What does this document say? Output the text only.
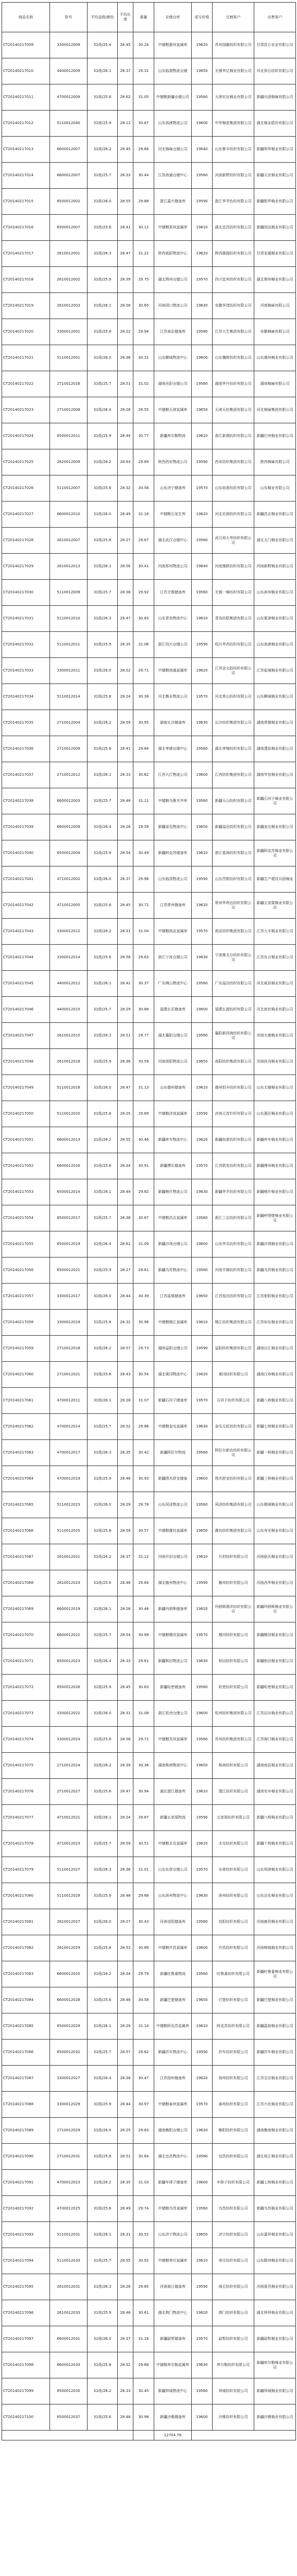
商品名称	批号	平均品级/颜色	平均长度	重量	存储仓库	成交价格	交割客户	出售客户
CT20140217009	3300012009	31级/25.4	28.45	30.24	中储粮惠州直属库	19620	苏州国融纺织有限公司	甘肃昆仑农业有限公司
CT20140217010	4400012009	31级/26.1	28.37	29.31	山东临港物流仓储	19650	无锡华亿棉业有限公司	河北邢台纺织有限公司
CT20140217011	4700012009	31级/25.8	28.62	31.05	中储粮新疆仓储公司	19580	天津宏达棉业有限公司	新疆兵团棉麻有限公司
CT20140217012	5110012040	31级/25.9	28.12	30.87	山东高唐物流公司	19600	中华棉花集团有限公司	湖北棉业股份有限公司
CT20140217013	6600012007	31级/26.2	28.45	29.66	河北棉麻仓储公司	19640	山东鲁丰纺织有限公司	新疆利华棉业有限公司
CT20140217014	6600012007	31级/25.7	28.33	30.44	江苏南通仓储中心	19560	河南新野纺织有限公司	新疆天宏棉业有限公司
CT20140217015	6500012002	31级/26.0	28.55	29.88	浙江嘉兴储备库	19590	浙江华孚色纺有限公司	新疆银华棉业有限公司
CT20140217016	6500012007	31级/25.6	28.41	30.12	中储粮郑州直属库	19610	湖北宜昌纺织有限公司	新疆创洁棉业有限公司
CT20140217017	2610012001	31级/26.3	28.47	31.22	陕西咸阳物流中心	19620	陕西德源纺织有限公司	甘肃亚盛棉业有限公司
CT20140217018	2610012002	31级/25.9	28.39	29.75	湖北荆州仓储公司	19570	四川宜宾纺织有限公司	湖北荆州棉业有限公司
CT20140217019	2610012003	31级/26.1	28.58	30.65	河南周口物流公司	19630	安徽华茂纺织有限公司	河南棉麻有限公司
CT20140217020	3300012001	31级/25.8	28.22	29.94	江苏南京储备库	19580	江苏大生集团有限公司	安徽棉麻有限公司
CT20140217021	5110012001	31级/26.0	28.36	30.31	山东聊城物流中心	19600	山东魏桥纺织有限公司	山东德州棉业有限公司
CT20140217022	2710012016	31级/25.7	28.51	31.02	湖南岳阳仓储公司	19560	湖南华升纺织有限公司	湖南棉麻有限公司
CT20140217023	2710012008	31级/26.4	28.28	29.55	中储粮天津直属库	19650	天津天纺集团有限公司	河北棉麻集团有限公司
CT20140217024	6500012011	31级/25.9	28.44	30.77	新疆库尔勒物流	19610	浙江新澳纺织有限公司	新疆巴州棉业有限公司
CT20140217025	2620012009	31级/26.2	28.63	29.89	陕西西安物流公司	19590	西安纺织集团有限公司	陕西棉麻有限公司
CT20140217026	5110012007	31级/25.6	28.32	30.56	山东济宁储备库	19570	山东如意纺织有限公司	山东棉业有限公司
CT20140217027	6600012010	31级/26.0	28.49	31.18	中储粮石家庄库	19620	河北宏润纺织有限公司	新疆昌吉棉业有限公司
CT20140217028	2610012007	31级/25.8	28.27	29.67	湖北武汉仓储中心	19580	武汉裕大华纺织有限公司	湖北天门棉业有限公司
CT20140217029	2610012013	31级/26.1	28.56	30.41	河南郑州物流公司	19640	河南豫联纺织有限公司	河南新野棉业有限公司
CT20140217030	5110012009	31级/25.7	28.38	29.92	江苏无锡储备库	19560	无锡一棉纺织有限公司	山东滨州棉业有限公司
CT20140217031	5110012010	31级/26.3	28.47	30.83	山东青岛物流中心	19610	青岛纺联集团有限公司	山东夏津棉业有限公司
CT20140217032	5110012011	31级/25.9	28.35	31.06	浙江绍兴仓储公司	19590	绍兴华西纺织有限公司	山东高唐棉业有限公司
CT20140217033	3300012011	31级/26.0	28.52	29.71	中储粮南通直属库	19620	江苏金太阳纺织有限公司	江苏盐城棉业有限公司
CT20140217034	5110012014	31级/25.8	28.24	30.38	河北衡水物流公司	19570	河北常山纺织有限公司	山东聊城棉业有限公司
CT20140217035	2710012004	31级/26.2	28.59	30.95	湖南长沙储备库	19630	长沙纺织集团有限公司	湖南常德棉业有限公司
CT20140217036	2710012009	31级/25.6	28.41	29.84	湖北孝感仓储中心	19580	湖北孝棉纺织有限公司	湖南澧县棉业有限公司
CT20140217037	2710012012	31级/26.1	28.33	30.62	江西九江物流公司	19600	江西纺织集团有限公司	湖南华容棉业有限公司
CT20140217038	6600012003	31级/25.7	28.48	31.11	中储粮乌鲁木齐库	19560	新疆天山纺织有限公司	新疆石河子棉业有限公司
CT20140217039	6600012009	31级/26.4	28.26	29.58	新疆奎屯物流中心	19650	新疆溢达纺织有限公司	新疆奎屯棉业有限公司
CT20140217040	6500012004	31级/25.9	28.54	30.49	新疆阿克苏储备库	19610	浙江富润纺织有限公司	新疆阿克苏棉业有限公司
CT20140217041	4710012002	31级/26.0	28.37	29.96	山东临清物流公司	19590	山东岱银纺织有限公司	新疆生产建设兵团棉业
CT20140217042	4710012005	31级/25.8	28.45	30.72	江苏常州储备库	19620	常州华利达纺织有限公司	新疆五家渠棉业有限公司
CT20140217043	3300012012	31级/26.2	28.31	31.04	中储粮南京直属库	19570	南京纺织集团有限公司	江苏大丰棉业有限公司
CT20140217044	3300012014	31级/25.6	28.58	29.63	浙江宁波仓储公司	19630	宁波雅戈尔纺织有限公司	江苏东台棉业有限公司
CT20140217045	4400012012	31级/26.1	28.42	30.37	广东佛山物流中心	19580	广东溢达纺织有限公司	河北威县棉业有限公司
CT20140217046	4400012015	31级/25.7	28.29	30.88	福建长乐储备库	19600	福建长源纺织有限公司	河北南宫棉业有限公司
CT20140217047	2610012015	31级/26.3	28.51	29.77	湖北襄阳仓储公司	19560	襄阳新四海纺织有限公司	河南太康棉业有限公司
CT20140217048	2610012018	31级/25.9	28.36	30.59	河南南阳物流公司	19650	南阳纺织集团有限公司	河南扶沟棉业有限公司
CT20140217049	5110012018	31级/26.0	28.47	31.13	山东德州储备库	19610	德州恒丰纺织有限公司	山东无棣棉业有限公司
CT20140217050	5110012020	31级/25.8	28.25	29.69	中储粮济南直属库	19590	济南元首针织有限公司	山东惠民棉业有限公司
CT20140217051	6600012013	31级/26.2	28.55	30.46	新疆库车物流中心	19620	新疆如意纺织有限公司	新疆库车棉业有限公司
CT20140217052	6600012016	31级/25.6	28.34	30.91	新疆博乐储备库	19570	江苏联发纺织有限公司	新疆博州棉业有限公司
CT20140217053	6500012014	31级/26.1	28.49	29.82	新疆喀什物流公司	19630	新疆华孚纺织有限公司	新疆喀什棉业有限公司
CT20140217054	6500012017	31级/25.7	28.38	30.67	中储粮昌吉直属库	19580	浙江三志纺织有限公司	新疆呼图壁棉业有限公司
CT20140217055	6500012019	31级/26.4	28.61	31.09	新疆沙湾仓储公司	19600	山东华乐纺织有限公司	新疆沙湾棉业有限公司
CT20140217056	6500012021	31级/25.9	28.27	29.61	新疆乌苏物流中心	19560	河南平棉纺织有限公司	新疆乌苏棉业有限公司
CT20140217057	3300012017	31级/26.0	28.44	30.39	江苏盐城储备库	19650	江苏悦达纺织有限公司	江苏射阳棉业有限公司
CT20140217058	3300012019	31级/25.8	28.32	30.96	中储粮镇江直属库	19610	镇江纺织集团有限公司	江苏如东棉业有限公司
CT20140217059	2710012018	31级/26.2	28.57	29.73	湖南益阳仓储公司	19590	益阳纺织集团有限公司	湖南沅江棉业有限公司
CT20140217060	2710012021	31级/25.6	28.43	30.54	湖北黄冈物流中心	19620	黄冈纺织有限公司	湖南汉寿棉业有限公司
CT20140217061	4700012011	31级/26.1	28.28	31.07	新疆石河子储备库	19570	石河子纺织有限公司	新疆八师棉业有限公司
CT20140217062	4700012014	31级/25.7	28.52	29.86	中储粮奎屯直属库	19630	奎屯天虹纺织有限公司	新疆七师棉业有限公司
CT20140217063	4700012017	31级/26.3	28.35	30.42	新疆阿拉尔物流	19580	阿拉尔新农纺织有限公司	新疆一师棉业有限公司
CT20140217064	4700012019	31级/25.9	28.46	30.93	新疆图木舒克储备	19600	图木舒克纺织有限公司	新疆三师棉业有限公司
CT20140217065	5110012023	31级/26.0	28.29	29.78	山东菏泽物流公司	19560	菏泽纺织集团有限公司	山东鄄城棉业有限公司
CT20140217066	5110012025	31级/25.8	28.58	30.57	中储粮潍坊直属库	19650	潍坊纺织集团有限公司	山东寿光棉业有限公司
CT20140217067	2610012021	31级/26.2	28.37	31.12	河南开封仓储公司	19610	开封纺织有限公司	河南尉氏棉业有限公司
CT20140217068	2610012024	31级/25.6	28.48	29.64	湖北随州物流中心	19590	随州纺织有限公司	河南西华棉业有限公司
CT20140217069	6600012019	31级/26.1	28.26	30.48	新疆玛纳斯储备库	19620	玛纳斯澳洋纺织有限公司	新疆玛纳斯棉业有限公司
CT20140217070	6600012022	31级/25.7	28.54	30.99	中储粮精河直属库	19570	精河纺织有限公司	新疆精河棉业有限公司
CT20140217071	6500012023	31级/26.4	28.33	29.81	新疆和田物流公司	19630	和田纺织有限公司	新疆和田棉业有限公司
CT20140217072	6500012026	31级/25.9	28.45	30.63	新疆哈密储备库	19580	哈密纺织有限公司	新疆哈密棉业有限公司
CT20140217073	3300012022	31级/26.0	28.31	31.08	浙江杭州仓储公司	19600	杭州纺织集团有限公司	江苏启东棉业有限公司
CT20140217074	3300012024	31级/25.8	28.56	29.72	中储粮苏州直属库	19560	苏州纺织集团有限公司	江苏海门棉业有限公司
CT20140217075	2710012024	31级/26.2	28.39	30.36	湖南株洲物流中心	19650	株洲纺织有限公司	湖南南县棉业有限公司
CT20140217076	2710012027	31级/25.6	28.47	30.94	湖北潜江储备库	19610	潜江纺织有限公司	湖南安乡棉业有限公司
CT20140217077	4710012021	31级/26.1	28.24	29.87	新疆五家渠物流	19590	五家渠纺织有限公司	新疆六师棉业有限公司
CT20140217078	4710012023	31级/25.7	28.59	30.51	中储粮北屯直属库	19620	北屯纺织有限公司	新疆十师棉业有限公司
CT20140217079	5110012027	31级/26.3	28.36	31.01	山东东营仓储公司	19570	东营纺织有限公司	山东利津棉业有限公司
CT20140217080	5110012029	31级/25.9	28.48	29.66	山东滨州物流中心	19630	滨州纺织有限公司	山东沾化棉业有限公司
CT20140217081	2610012027	31级/26.0	28.27	30.43	河南信阳储备库	19580	信阳纺织有限公司	河南鹿邑棉业有限公司
CT20140217082	2610012029	31级/25.8	28.53	30.89	中储粮许昌直属库	19600	许昌纺织有限公司	河南郸城棉业有限公司
CT20140217083	6600012025	31级/26.2	28.34	29.79	新疆吐鲁番物流	19560	吐鲁番纺织有限公司	新疆吐鲁番棉业有限公司
CT20140217084	6600012028	31级/25.6	28.46	30.58	新疆巴楚储备库	19650	巴楚纺织有限公司	新疆巴楚棉业有限公司
CT20140217085	6500012029	31级/26.1	28.29	31.14	中储粮阿克苏直属库	19610	阿克苏纺织有限公司	新疆温宿棉业有限公司
CT20140217086	6500012032	31级/25.7	28.57	29.62	新疆莎车物流中心	19590	莎车纺织有限公司	新疆莎车棉业有限公司
CT20140217087	3300012027	31级/26.4	28.38	30.47	江苏扬州储备库	19620	扬州纺织有限公司	江苏宝应棉业有限公司
CT20140217088	3300012029	31级/25.9	28.44	30.97	中储粮泰州直属库	19570	泰州纺织有限公司	江苏兴化棉业有限公司
CT20140217089	2710012029	31级/26.0	28.25	29.83	湖南衡阳仓储公司	19630	衡阳纺织有限公司	湖南衡南棉业有限公司
CT20140217090	2710012031	31级/25.8	28.51	30.64	湖北宜昌物流中心	19580	宜昌纺织有限公司	湖北枝江棉业有限公司
CT20140217091	4700012023	31级/26.2	28.35	31.03	新疆车排子储备库	19600	车排子纺织有限公司	新疆七师棉业有限公司
CT20140217092	4700012025	31级/25.6	28.49	29.74	中储粮乌苏直属库	19560	乌苏纺织有限公司	新疆乌苏棉业有限公司
CT20140217093	5110012031	31级/26.1	28.31	30.52	山东济宁物流公司	19650	济宁纺织有限公司	山东嘉祥棉业有限公司
CT20140217094	5110012033	31级/25.7	28.55	30.92	中储粮枣庄直属库	19610	枣庄纺织有限公司	山东滕州棉业有限公司
CT20140217095	2610012031	31级/26.3	28.28	29.85	河南商丘储备库	19590	商丘纺织有限公司	河南夏邑棉业有限公司
CT20140217096	2610012033	31级/25.9	28.46	30.61	湖北荆门物流中心	19620	荆门纺织有限公司	湖北钟祥棉业有限公司
CT20140217097	6600012031	31级/26.0	28.37	31.16	新疆尉犁储备库	19570	尉犁纺织有限公司	新疆尉犁棉业有限公司
CT20140217098	6600012033	31级/25.8	28.52	29.68	中储粮库尔勒直属库	19630	库尔勒纺织有限公司	新疆库尔勒棉业有限公司
CT20140217099	6500012035	31级/26.2	28.33	30.45	新疆拜城物流中心	19580	拜城纺织有限公司	新疆拜城棉业有限公司
CT20140217100	6500012037	31级/25.6	28.48	30.98	新疆沙雅储备库	19600	沙雅纺织有限公司	新疆沙雅棉业有限公司
					12704.78			
